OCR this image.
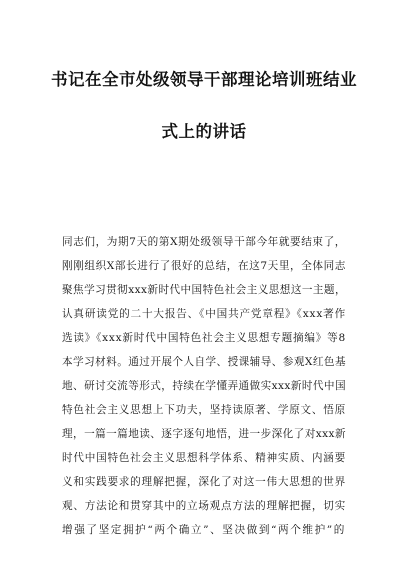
书记在全市处级领导干部理论培训班结业
式上的讲话
同志们，为期7天的第X期处级领导干部今年就要结束了，
刚刚组织X部长进行了很好的总结，在这7天里，全体同志
聚焦学习贯彻xxx新时代中国特色社会主义思想这一主题，
认真研读党的二十大报告、《中国共产党章程》《xxx著作
选读》《xxx新时代中国特色社会主义思想专题摘编》等8
本学习材料。通过开展个人自学、授课辅导、参观X红色基
地、研讨交流等形式，持续在学懂弄通做实xxx新时代中国
特色社会主义思想上下功夫，坚持读原著、学原文、悟原
理，一篇一篇地读、逐字逐句地悟，进一步深化了对xxx新
时代中国特色社会主义思想科学体系、精神实质、内涵要
义和实践要求的理解把握，深化了对这一伟大思想的世界
观、方法论和贯穿其中的立场观点方法的理解把握，切实
增强了坚定拥护“两个确立”、坚决做到“两个维护”的
